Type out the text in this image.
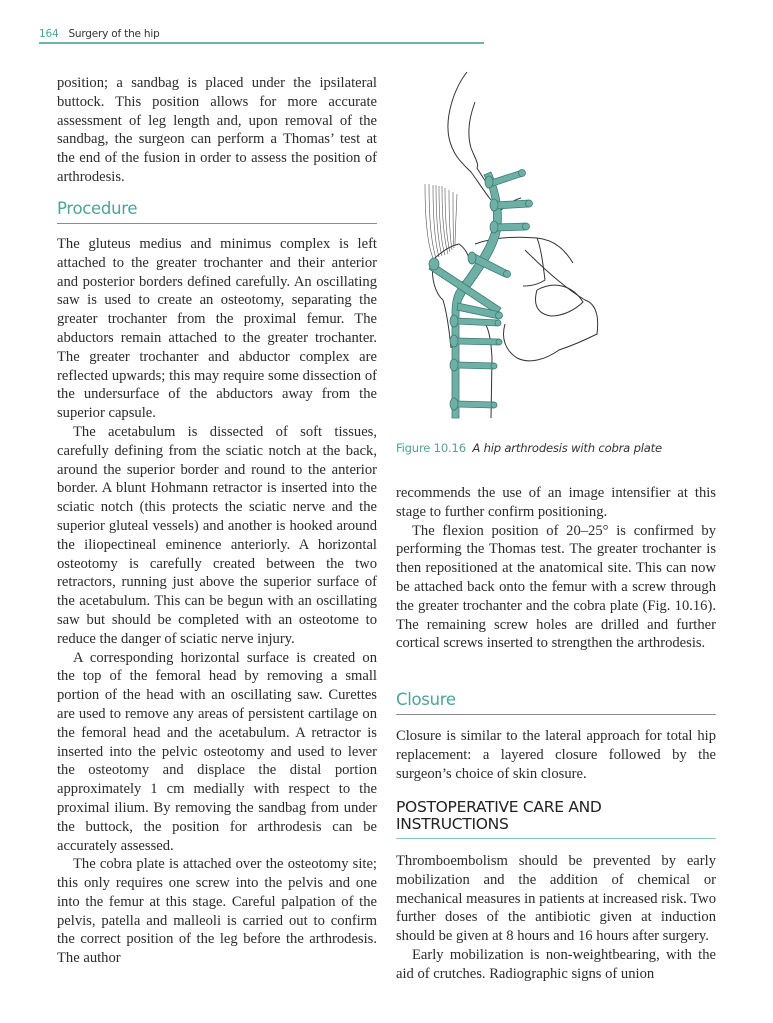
164 Surgery of the hip

position; a sandbag is placed under the ipsilateral buttock. This position allows for more accurate assessment of leg length and, upon removal of the sandbag, the surgeon can perform a Thomas’ test at the end of the fusion in order to assess the position of arthrodesis.

Procedure

The gluteus medius and minimus complex is left attached to the greater trochanter and their anterior and posterior borders defined carefully. An oscillating saw is used to create an osteotomy, separating the greater trochanter from the proximal femur. The abductors remain attached to the greater trochanter. The greater trochanter and abductor complex are reflected upwards; this may require some dissection of the undersurface of the abductors away from the superior capsule.

The acetabulum is dissected of soft tissues, carefully defining from the sciatic notch at the back, around the superior border and round to the anterior border. A blunt Hohmann retractor is inserted into the sciatic notch (this protects the sciatic nerve and the superior gluteal vessels) and another is hooked around the iliopectineal eminence anteriorly. A horizontal osteotomy is carefully created between the two retractors, running just above the superior surface of the acetabulum. This can be begun with an oscillating saw but should be completed with an osteotome to reduce the danger of sciatic nerve injury.

A corresponding horizontal surface is created on the top of the femoral head by removing a small portion of the head with an oscillating saw. Curettes are used to remove any areas of persistent cartilage on the femoral head and the acetabulum. A retractor is inserted into the pelvic osteotomy and used to lever the osteotomy and displace the distal portion approximately 1 cm medially with respect to the proximal ilium. By removing the sandbag from under the buttock, the position for arthrodesis can be accurately assessed.

The cobra plate is attached over the osteotomy site; this only requires one screw into the pelvis and one into the femur at this stage. Careful palpation of the pelvis, patella and malleoli is carried out to confirm the correct position of the leg before the arthrodesis. The author

Figure 10.16 A hip arthrodesis with cobra plate

recommends the use of an image intensifier at this stage to further confirm positioning.

The flexion position of 20–25° is confirmed by performing the Thomas test. The greater trochanter is then repositioned at the anatomical site. This can now be attached back onto the femur with a screw through the greater trochanter and the cobra plate (Fig. 10.16). The remaining screw holes are drilled and further cortical screws inserted to strengthen the arthrodesis.

Closure

Closure is similar to the lateral approach for total hip replacement: a layered closure followed by the surgeon’s choice of skin closure.

POSTOPERATIVE CARE AND
INSTRUCTIONS

Thromboembolism should be prevented by early mobilization and the addition of chemical or mechanical measures in patients at increased risk. Two further doses of the antibiotic given at induction should be given at 8 hours and 16 hours after surgery.

Early mobilization is non-weightbearing, with the aid of crutches. Radiographic signs of union
